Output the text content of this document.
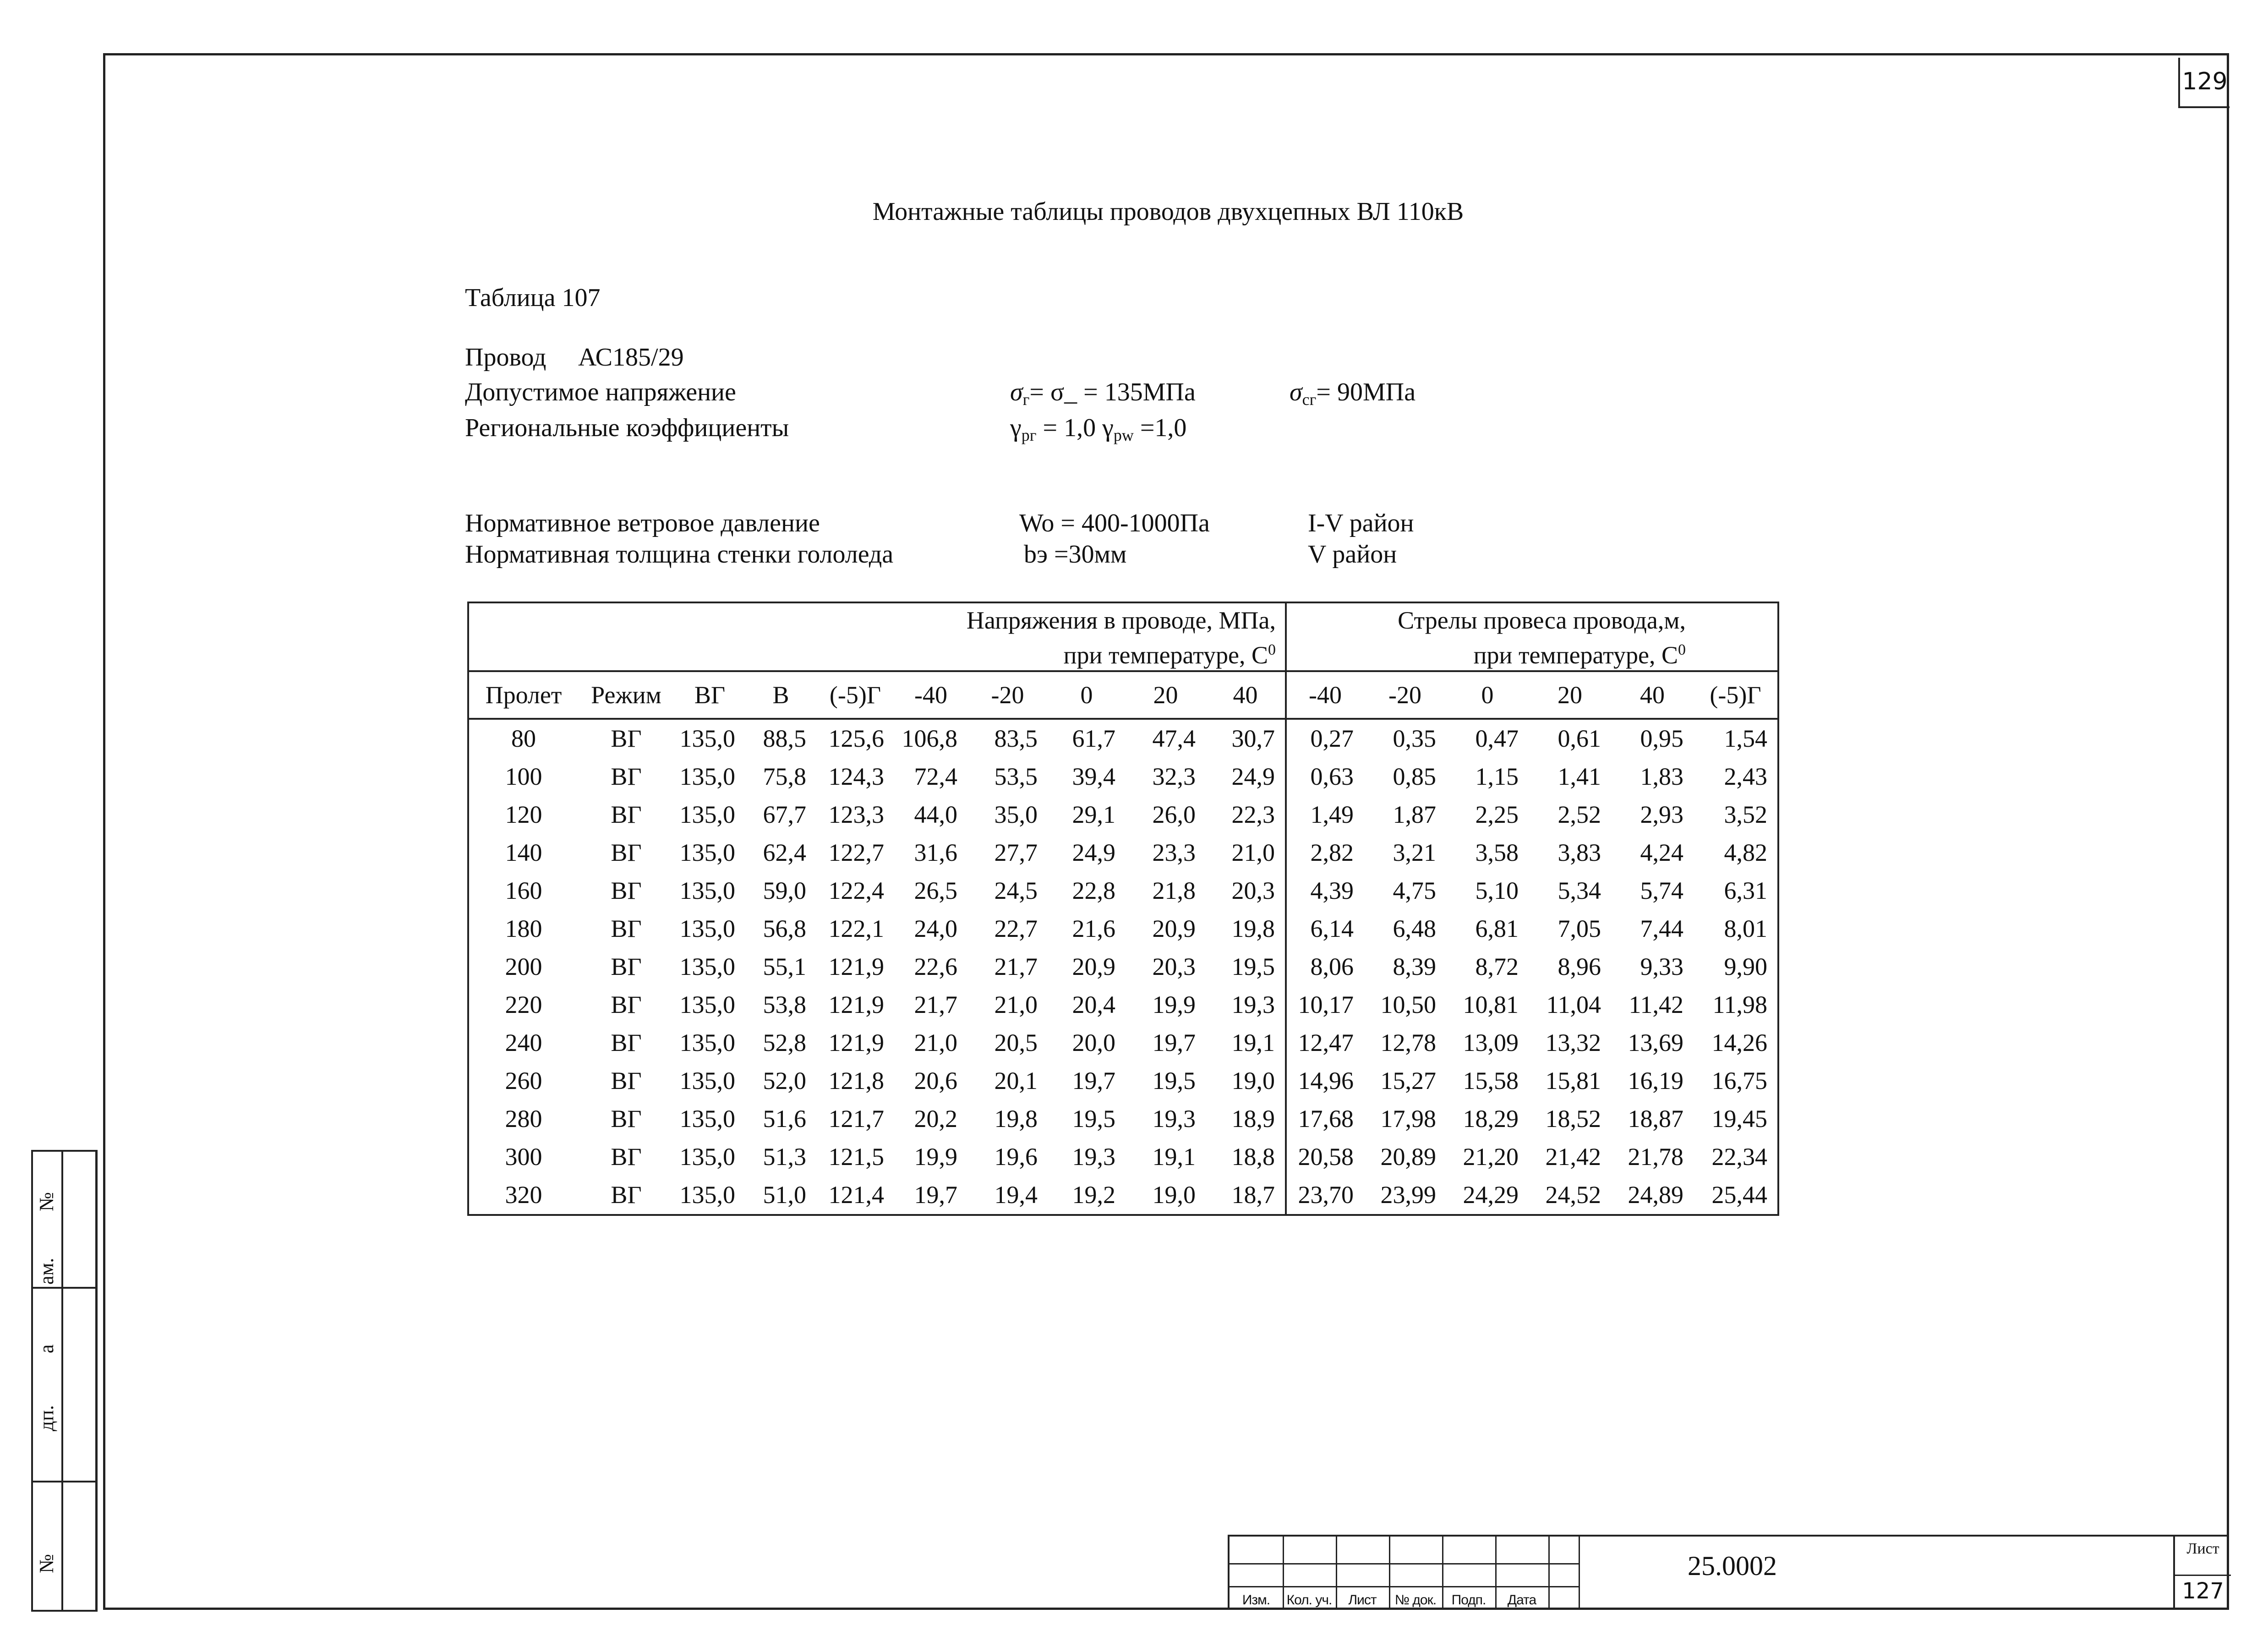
129
Монтажные таблицы проводов двухцепных ВЛ 110кВ
Таблица 107
Провод АС185/29
Допустимое напряжение	$\sigma_г=$ σ_ = 135МПа	$\sigma_{сг}= 90МПа$
Региональные коэффициенты	$\gamma_{рг} = 1,0$ $\gamma_{pw} =1,0$
Нормативное ветровое давление	Wo = 400-1000Па	I-V район
Нормативная толщина стенки гололеда	bэ =30мм	V район
Напряжения в проводе, МПа,										Стрелы провеса провода,м,					
при температуре, $С^0$										при температуре, $С^0$
Пролет	Режим	ВГ	В	(-5)Г	-40	-20	0	20	40	-40	-20	0	20	40	(-5)Г
80	ВГ	135,0	88,5	125,6	106,8	83,5	61,7	47,4	30,7	0,27	0,35	0,47	0,61	0,95	1,54
100	ВГ	135,0	75,8	124,3	72,4	53,5	39,4	32,3	24,9	0,63	0,85	1,15	1,41	1,83	2,43
120	ВГ	135,0	67,7	123,3	44,0	35,0	29,1	26,0	22,3	1,49	1,87	2,25	2,52	2,93	3,52
140	ВГ	135,0	62,4	122,7	31,6	27,7	24,9	23,3	21,0	2,82	3,21	3,58	3,83	4,24	4,82
160	ВГ	135,0	59,0	122,4	26,5	24,5	22,8	21,8	20,3	4,39	4,75	5,10	5,34	5,74	6,31
180	ВГ	135,0	56,8	122,1	24,0	22,7	21,6	20,9	19,8	6,14	6,48	6,81	7,05	7,44	8,01
200	ВГ	135,0	55,1	121,9	22,6	21,7	20,9	20,3	19,5	8,06	8,39	8,72	8,96	9,33	9,90
220	ВГ	135,0	53,8	121,9	21,7	21,0	20,4	19,9	19,3	10,17	10,50	10,81	11,04	11,42	11,98
240	ВГ	135,0	52,8	121,9	21,0	20,5	20,0	19,7	19,1	12,47	12,78	13,09	13,32	13,69	14,26
260	ВГ	135,0	52,0	121,8	20,6	20,1	19,7	19,5	19,0	14,96	15,27	15,58	15,81	16,19	16,75
280	ВГ	135,0	51,6	121,7	20,2	19,8	19,5	19,3	18,9	17,68	17,98	18,29	18,52	18,87	19,45
300	ВГ	135,0	51,3	121,5	19,9	19,6	19,3	19,1	18,8	20,58	20,89	21,20	21,42	21,78	22,34
320	ВГ	135,0	51,0	121,4	19,7	19,4	19,2	19,0	18,7	23,70	23,99	24,29	24,52	24,89	25,44
№
ам.
а
дп.
№
Изм.	Кол. уч.	Лист	№ док.	Подп.	Дата
25.0002
Лист
127
